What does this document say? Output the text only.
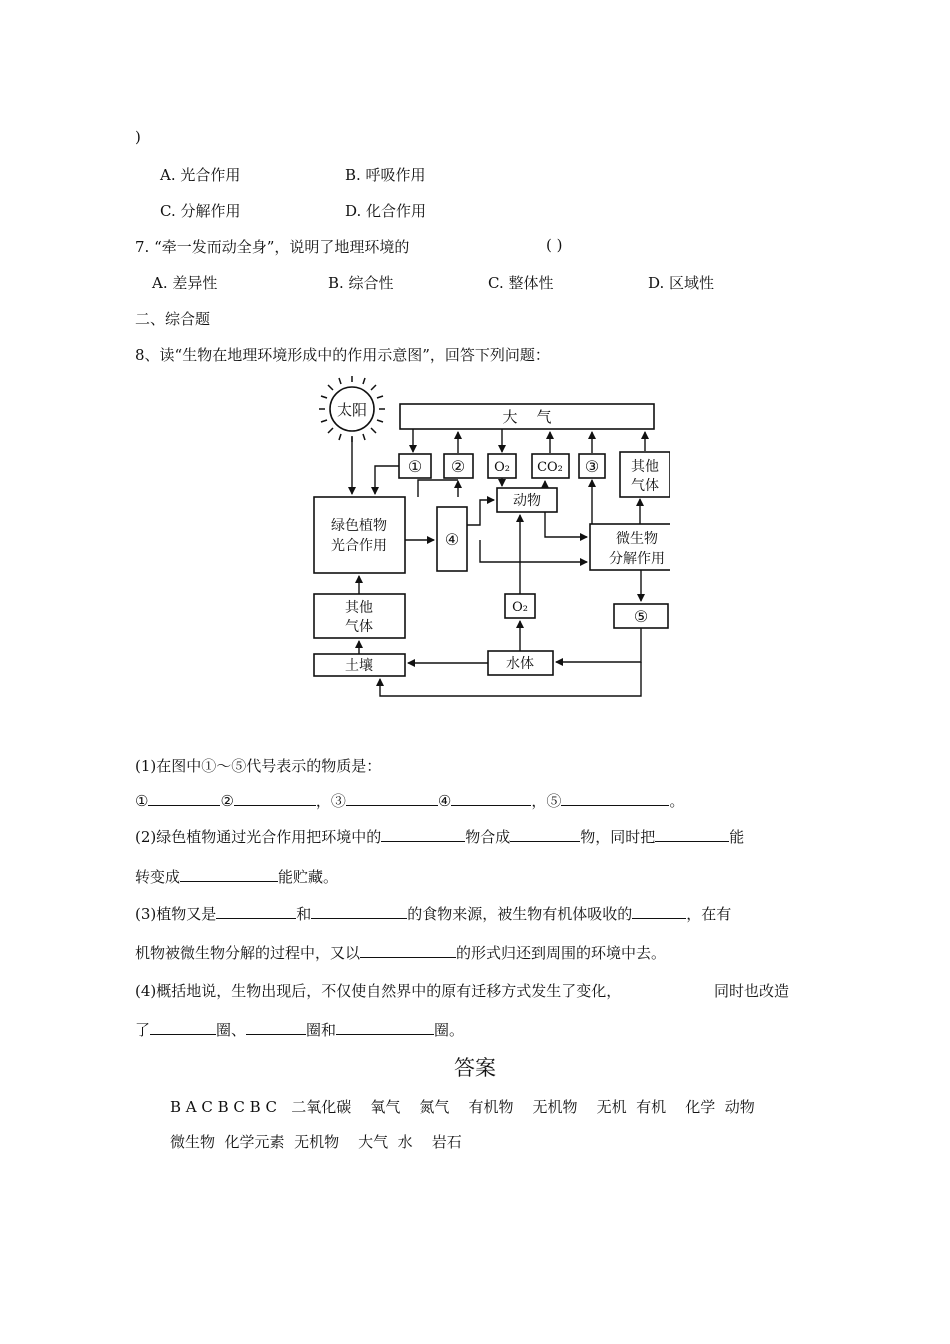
)
A. 光合作用	B. 呼吸作用
C. 分解作用	D. 化合作用
7. “牵一发而动全身”，说明了地理环境的	( )
A. 差异性	B. 综合性	C. 整体性	D. 区域性
二、综合题
8、读“生物在地理环境形成中的作用示意图”，回答下列问题：
太阳	大    气
① ② O₂ CO₂ ③ 其他
气体
动物
绿色植物
光合作用	④	微生物
分解作用
其他
气体
O₂	⑤
土壤	水体
(1)在图中①～⑤代号表示的物质是：
①	②	，③	④	，⑤	。
(2)绿色植物通过光合作用把环境中的	物合成	物，同时把	能
转变成	能贮藏。
(3)植物又是	和	的食物来源，被生物有机体吸收的	，在有
机物被微生物分解的过程中，又以	的形式归还到周围的环境中去。
(4)概括地说，生物出现后，不仅使自然界中的原有迁移方式发生了变化，	同时也改造
了	圈、	圈和	圈。
答案
B A C B C B C   二氧化碳    氧气    氮气    有机物    无机物    无机  有机    化学  动物
微生物  化学元素  无机物    大气  水    岩石
